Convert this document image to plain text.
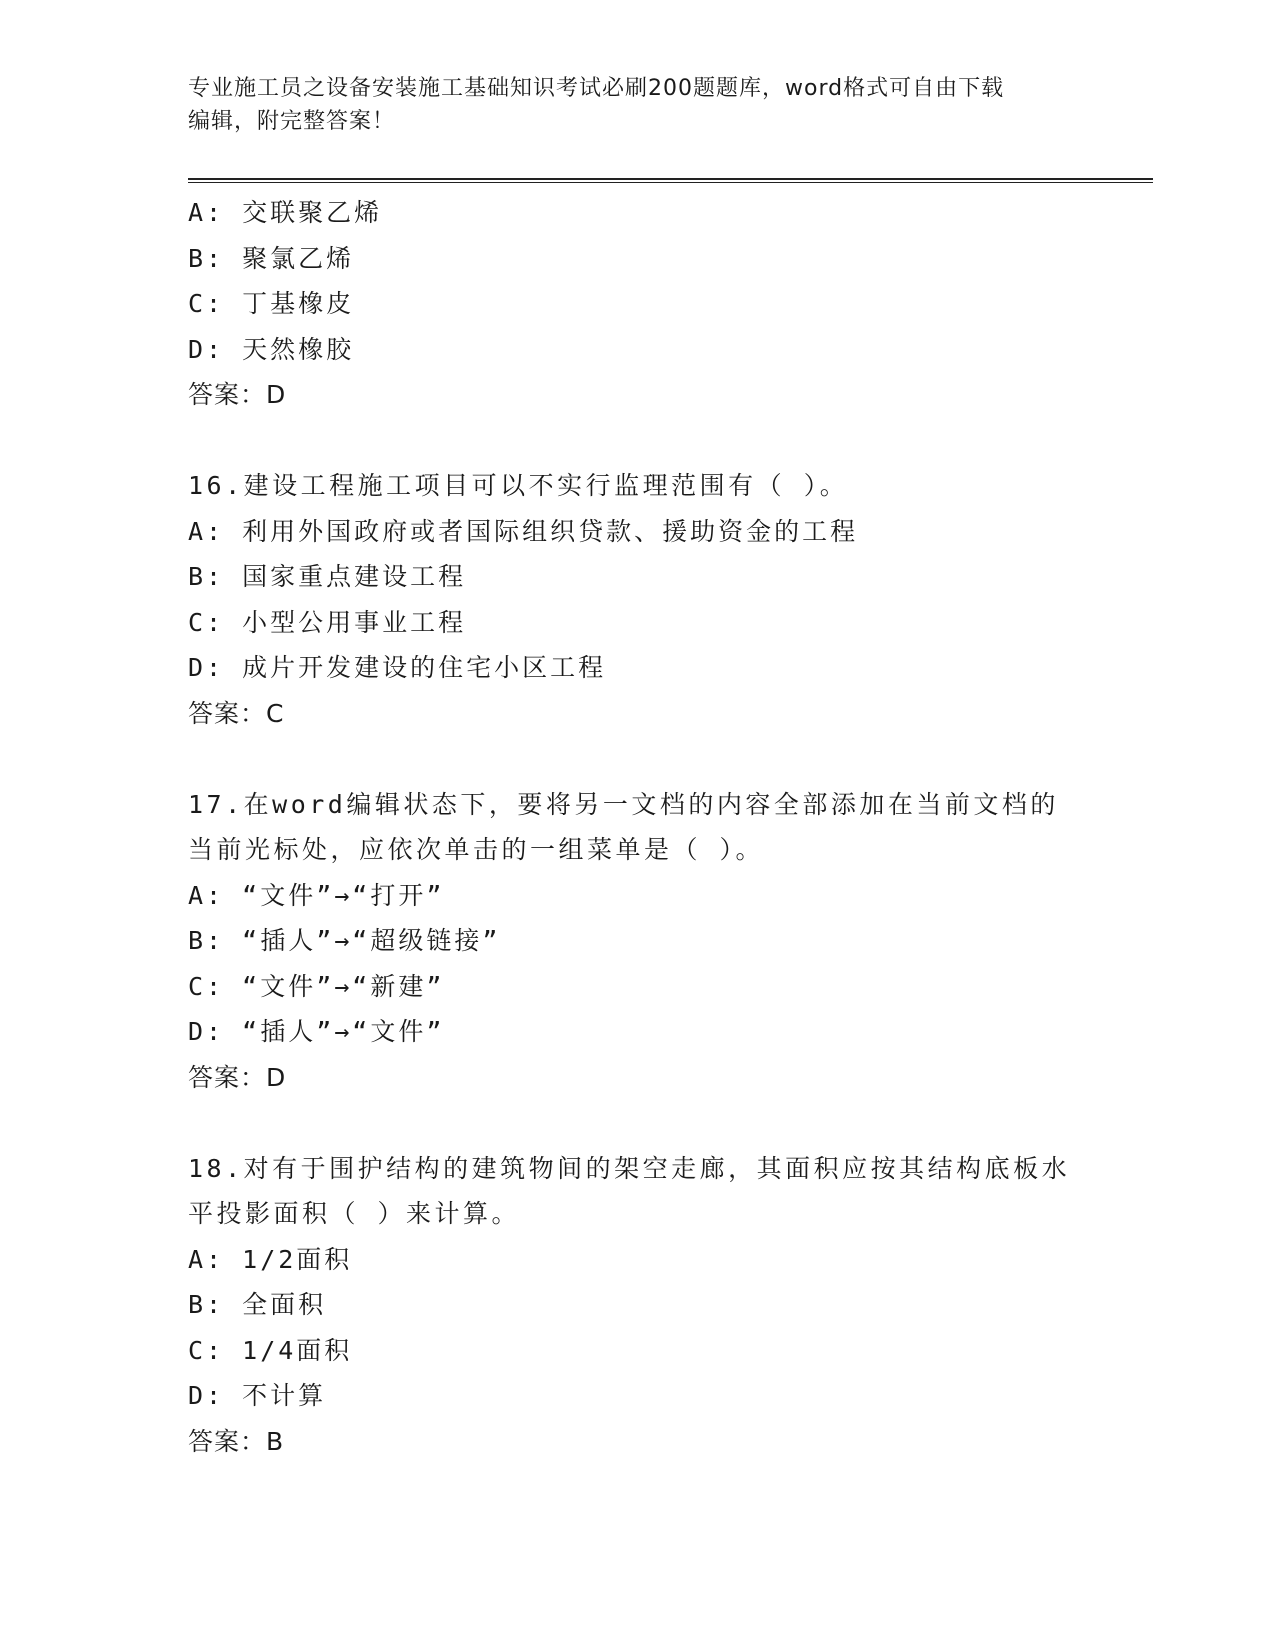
专业施工员之设备安装施工基础知识考试必刷200题题库，word格式可自由下载
编辑，附完整答案！
A: 交联聚乙烯
B: 聚氯乙烯
C: 丁基橡皮
D: 天然橡胶
答案：D
16.建设工程施工项目可以不实行监理范围有（ ）。
A: 利用外国政府或者国际组织贷款、援助资金的工程
B: 国家重点建设工程
C: 小型公用事业工程
D: 成片开发建设的住宅小区工程
答案：C
17.在word编辑状态下，要将另一文档的内容全部添加在当前文档的
当前光标处，应依次单击的一组菜单是（ ）。
A: “文件”→“打开”
B: “插人”→“超级链接”
C: “文件”→“新建”
D: “插人”→“文件”
答案：D
18.对有于围护结构的建筑物间的架空走廊，其面积应按其结构底板水
平投影面积（ ）来计算。
A: 1/2面积
B: 全面积
C: 1/4面积
D: 不计算
答案：B
